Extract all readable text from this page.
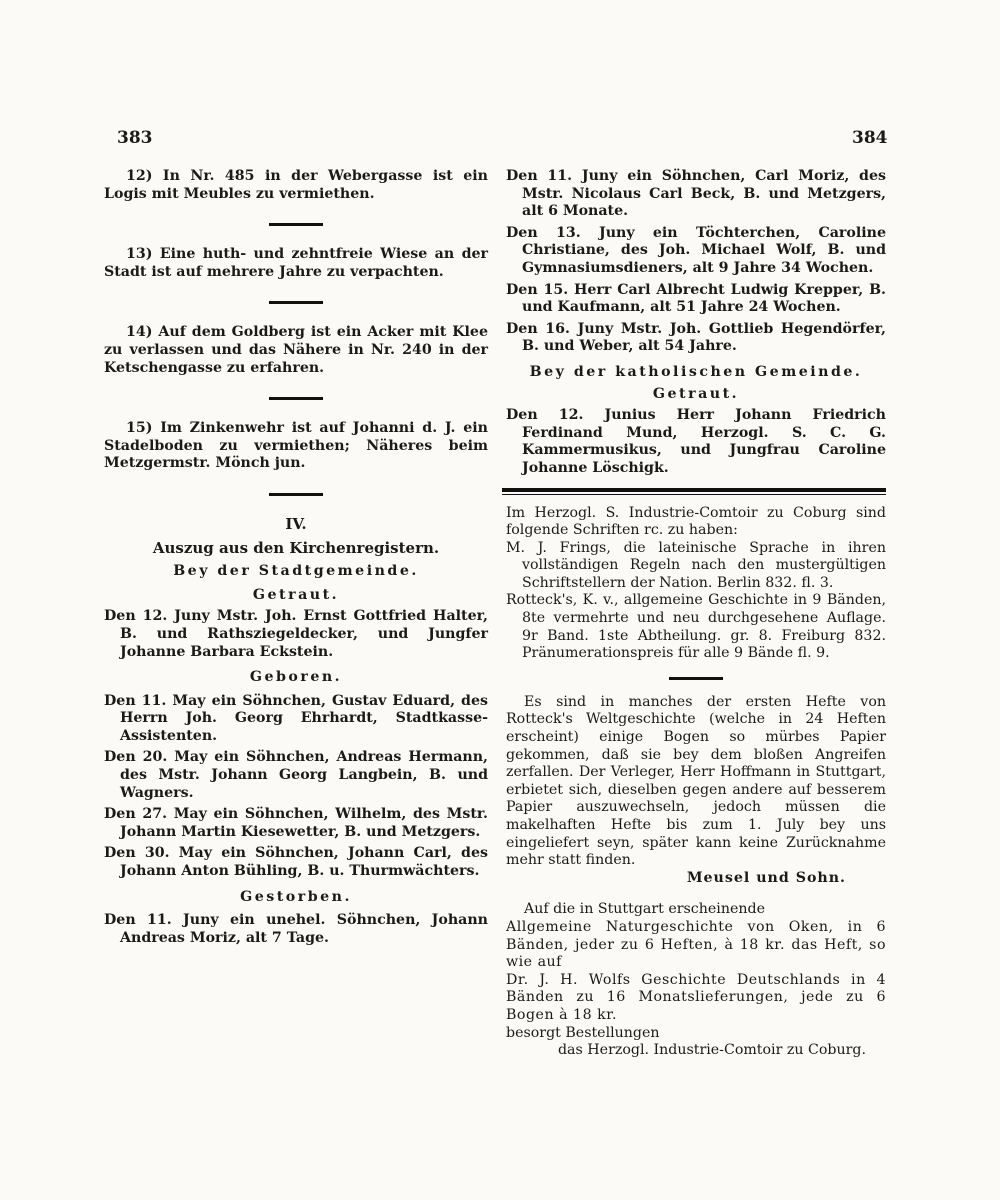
383	384

12) In Nr. 485 in der Webergasse ist ein Logis mit Meubles zu vermiethen.

13) Eine huth- und zehntfreie Wiese an der Stadt ist auf mehrere Jahre zu verpachten.

14) Auf dem Goldberg ist ein Acker mit Klee zu verlassen und das Nähere in Nr. 240 in der Ketschengasse zu erfahren.

15) Im Zinkenwehr ist auf Johanni d. J. ein Stadelboden zu vermiethen; Näheres beim Metzgermstr. Mönch jun.

IV.

Auszug aus den Kirchenregistern.

Bey der Stadtgemeinde.

Getraut.

Den 12. Juny Mstr. Joh. Ernst Gottfried Halter, B. und Rathsziegeldecker, und Jungfer Johanne Barbara Eckstein.

Geboren.

Den 11. May ein Söhnchen, Gustav Eduard, des Herrn Joh. Georg Ehrhardt, Stadtkasse-Assistenten.

Den 20. May ein Söhnchen, Andreas Hermann, des Mstr. Johann Georg Langbein, B. und Wagners.

Den 27. May ein Söhnchen, Wilhelm, des Mstr. Johann Martin Kiesewetter, B. und Metzgers.

Den 30. May ein Söhnchen, Johann Carl, des Johann Anton Bühling, B. u. Thurmwächters.

Gestorben.

Den 11. Juny ein unehel. Söhnchen, Johann Andreas Moriz, alt 7 Tage.

Den 11. Juny ein Söhnchen, Carl Moriz, des Mstr. Nicolaus Carl Beck, B. und Metzgers, alt 6 Monate.

Den 13. Juny ein Töchterchen, Caroline Christiane, des Joh. Michael Wolf, B. und Gymnasiumsdieners, alt 9 Jahre 34 Wochen.

Den 15. Herr Carl Albrecht Ludwig Krepper, B. und Kaufmann, alt 51 Jahre 24 Wochen.

Den 16. Juny Mstr. Joh. Gottlieb Hegendörfer, B. und Weber, alt 54 Jahre.

Bey der katholischen Gemeinde.

Getraut.

Den 12. Junius Herr Johann Friedrich Ferdinand Mund, Herzogl. S. C. G. Kammermusikus, und Jungfrau Caroline Johanne Löschigk.

Im Herzogl. S. Industrie-Comtoir zu Coburg sind folgende Schriften rc. zu haben:

M. J. Frings, die lateinische Sprache in ihren vollständigen Regeln nach den mustergültigen Schriftstellern der Nation. Berlin 832. fl. 3.

Rotteck's, K. v., allgemeine Geschichte in 9 Bänden, 8te vermehrte und neu durchgesehene Auflage. 9r Band. 1ste Abtheilung. gr. 8. Freiburg 832. Pränumerationspreis für alle 9 Bände fl. 9.

Es sind in manches der ersten Hefte von Rotteck's Weltgeschichte (welche in 24 Heften erscheint) einige Bogen so mürbes Papier gekommen, daß sie bey dem bloßen Angreifen zerfallen. Der Verleger, Herr Hoffmann in Stuttgart, erbietet sich, dieselben gegen andere auf besserem Papier auszuwechseln, jedoch müssen die makelhaften Hefte bis zum 1. July bey uns eingeliefert seyn, später kann keine Zurücknahme mehr statt finden.

Meusel und Sohn.

Auf die in Stuttgart erscheinende

Allgemeine Naturgeschichte von Oken, in 6 Bänden, jeder zu 6 Heften, à 18 kr. das Heft, so wie auf

Dr. J. H. Wolfs Geschichte Deutschlands in 4 Bänden zu 16 Monatslieferungen, jede zu 6 Bogen à 18 kr.

besorgt Bestellungen

das Herzogl. Industrie-Comtoir zu Coburg.
